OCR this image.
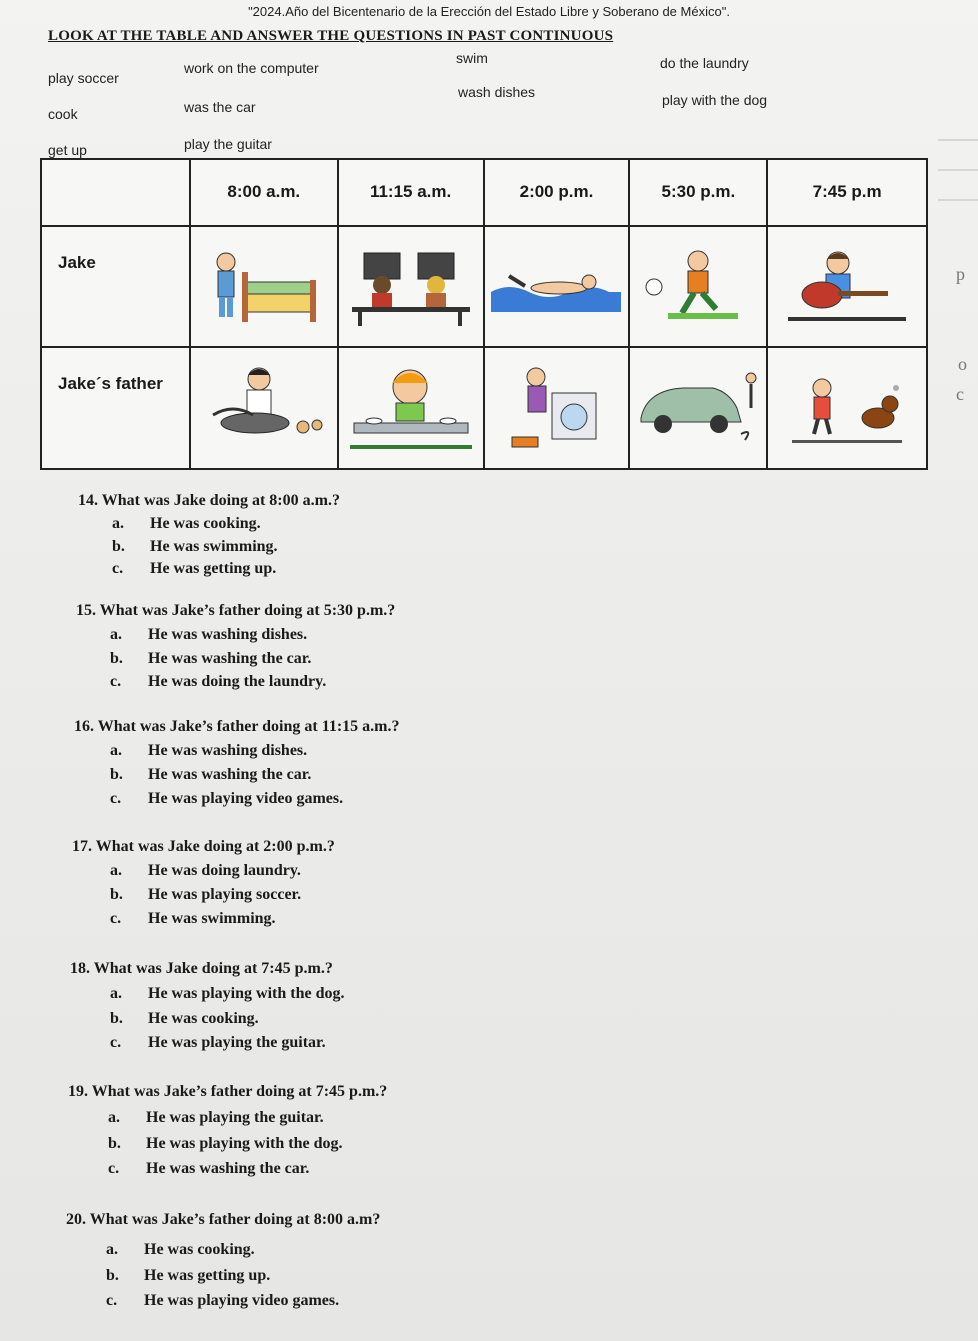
"2024.Año del Bicentenario de la Erección del Estado Libre y Soberano de México".
LOOK AT THE TABLE AND ANSWER THE QUESTIONS IN PAST CONTINUOUS
swim	do the laundry
play soccer
work on the computer
wash dishes	play with the dog
cook	was the car
get up	play the guitar
	8:00 a.m.	11:15 a.m.	2:00 p.m.	5:30 p.m.	7:45 p.m
Jake	

Jake´s father	

p
o
c
14. What was Jake doing at 8:00 a.m.?
a. He was cooking.
b. He was swimming.
c. He was getting up.
15. What was Jake’s father doing at 5:30 p.m.?
a. He was washing dishes.
b. He was washing the car.
c. He was doing the laundry.
16. What was Jake’s father doing at 11:15 a.m.?
a. He was washing dishes.
b. He was washing the car.
c. He was playing video games.
17. What was Jake doing at 2:00 p.m.?
a. He was doing laundry.
b. He was playing soccer.
c. He was swimming.
18. What was Jake doing at 7:45 p.m.?
a. He was playing with the dog.
b. He was cooking.
c. He was playing the guitar.
19. What was Jake’s father doing at 7:45 p.m.?
a. He was playing the guitar.
b. He was playing with the dog.
c. He was washing the car.
20. What was Jake’s father doing at 8:00 a.m?
a. He was cooking.
b. He was getting up.
c. He was playing video games.
